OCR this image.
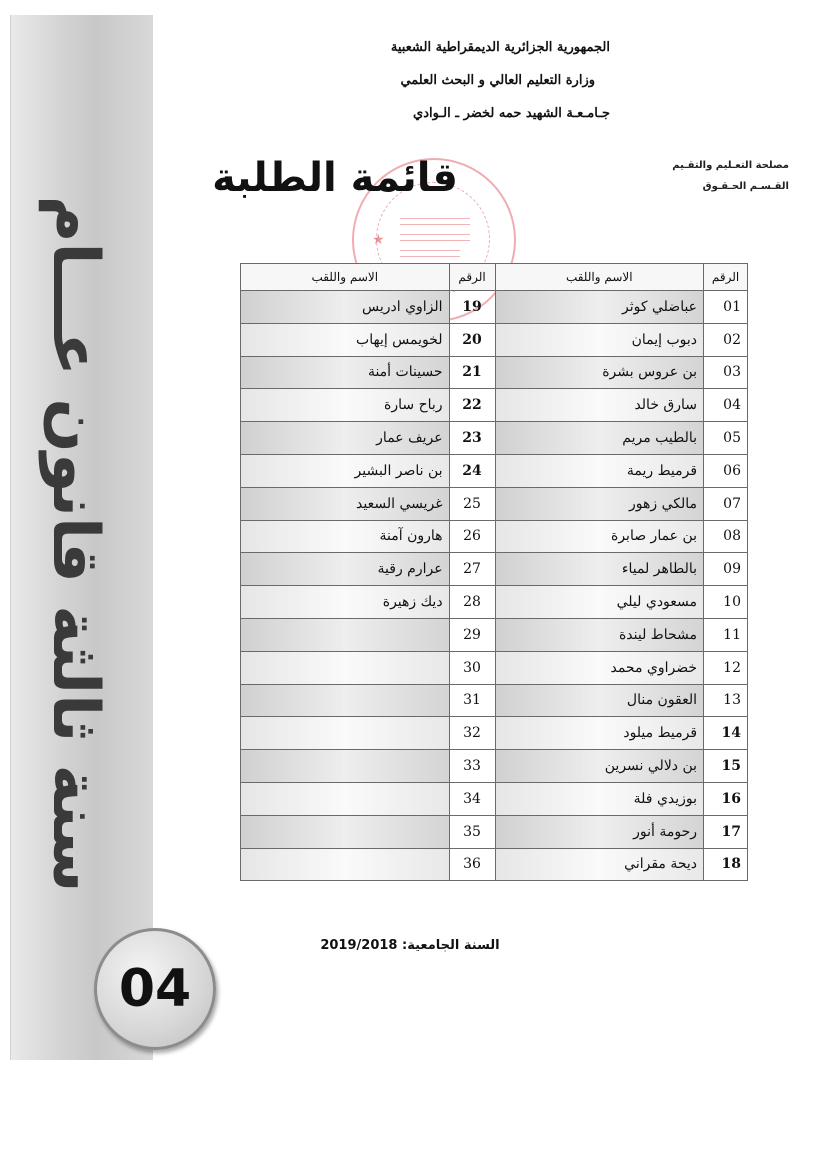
سنة ثالثة قانون عـــام
04
الجمهورية الجزائرية الديمقراطية الشعبية
وزارة التعليم العالي و البحث العلمي
جـامـعـة الشهيد حمه لخضر ـ الـوادي
مصلحة التعـليم والتقـيم
القـسـم الحـقـوق
★
قائمة الطلبة
الرقم	الاسم واللقب	الرقم	الاسم واللقب
01	عباضلي كوثر	19	الزاوي ادريس
02	دبوب إيمان	20	لخويمس إيهاب
03	بن عروس بشرة	21	حسينات أمنة
04	سارق خالد	22	رباح سارة
05	بالطيب مريم	23	عريف عمار
06	قرميط ريمة	24	بن ناصر البشير
07	مالكي زهور	25	غريسي السعيد
08	بن عمار صابرة	26	هارون آمنة
09	بالطاهر لمياء	27	عرارم رقية
10	مسعودي ليلي	28	ديك زهيرة
11	مشحاط ليندة	29	
12	خضراوي محمد	30	
13	العقون منال	31	
14	قرميط ميلود	32	
15	بن دلالي نسرين	33	
16	بوزيدي فلة	34	
17	رحومة أنور	35	
18	ديحة مقراني	36	
السنة الجامعية: 2019/2018
